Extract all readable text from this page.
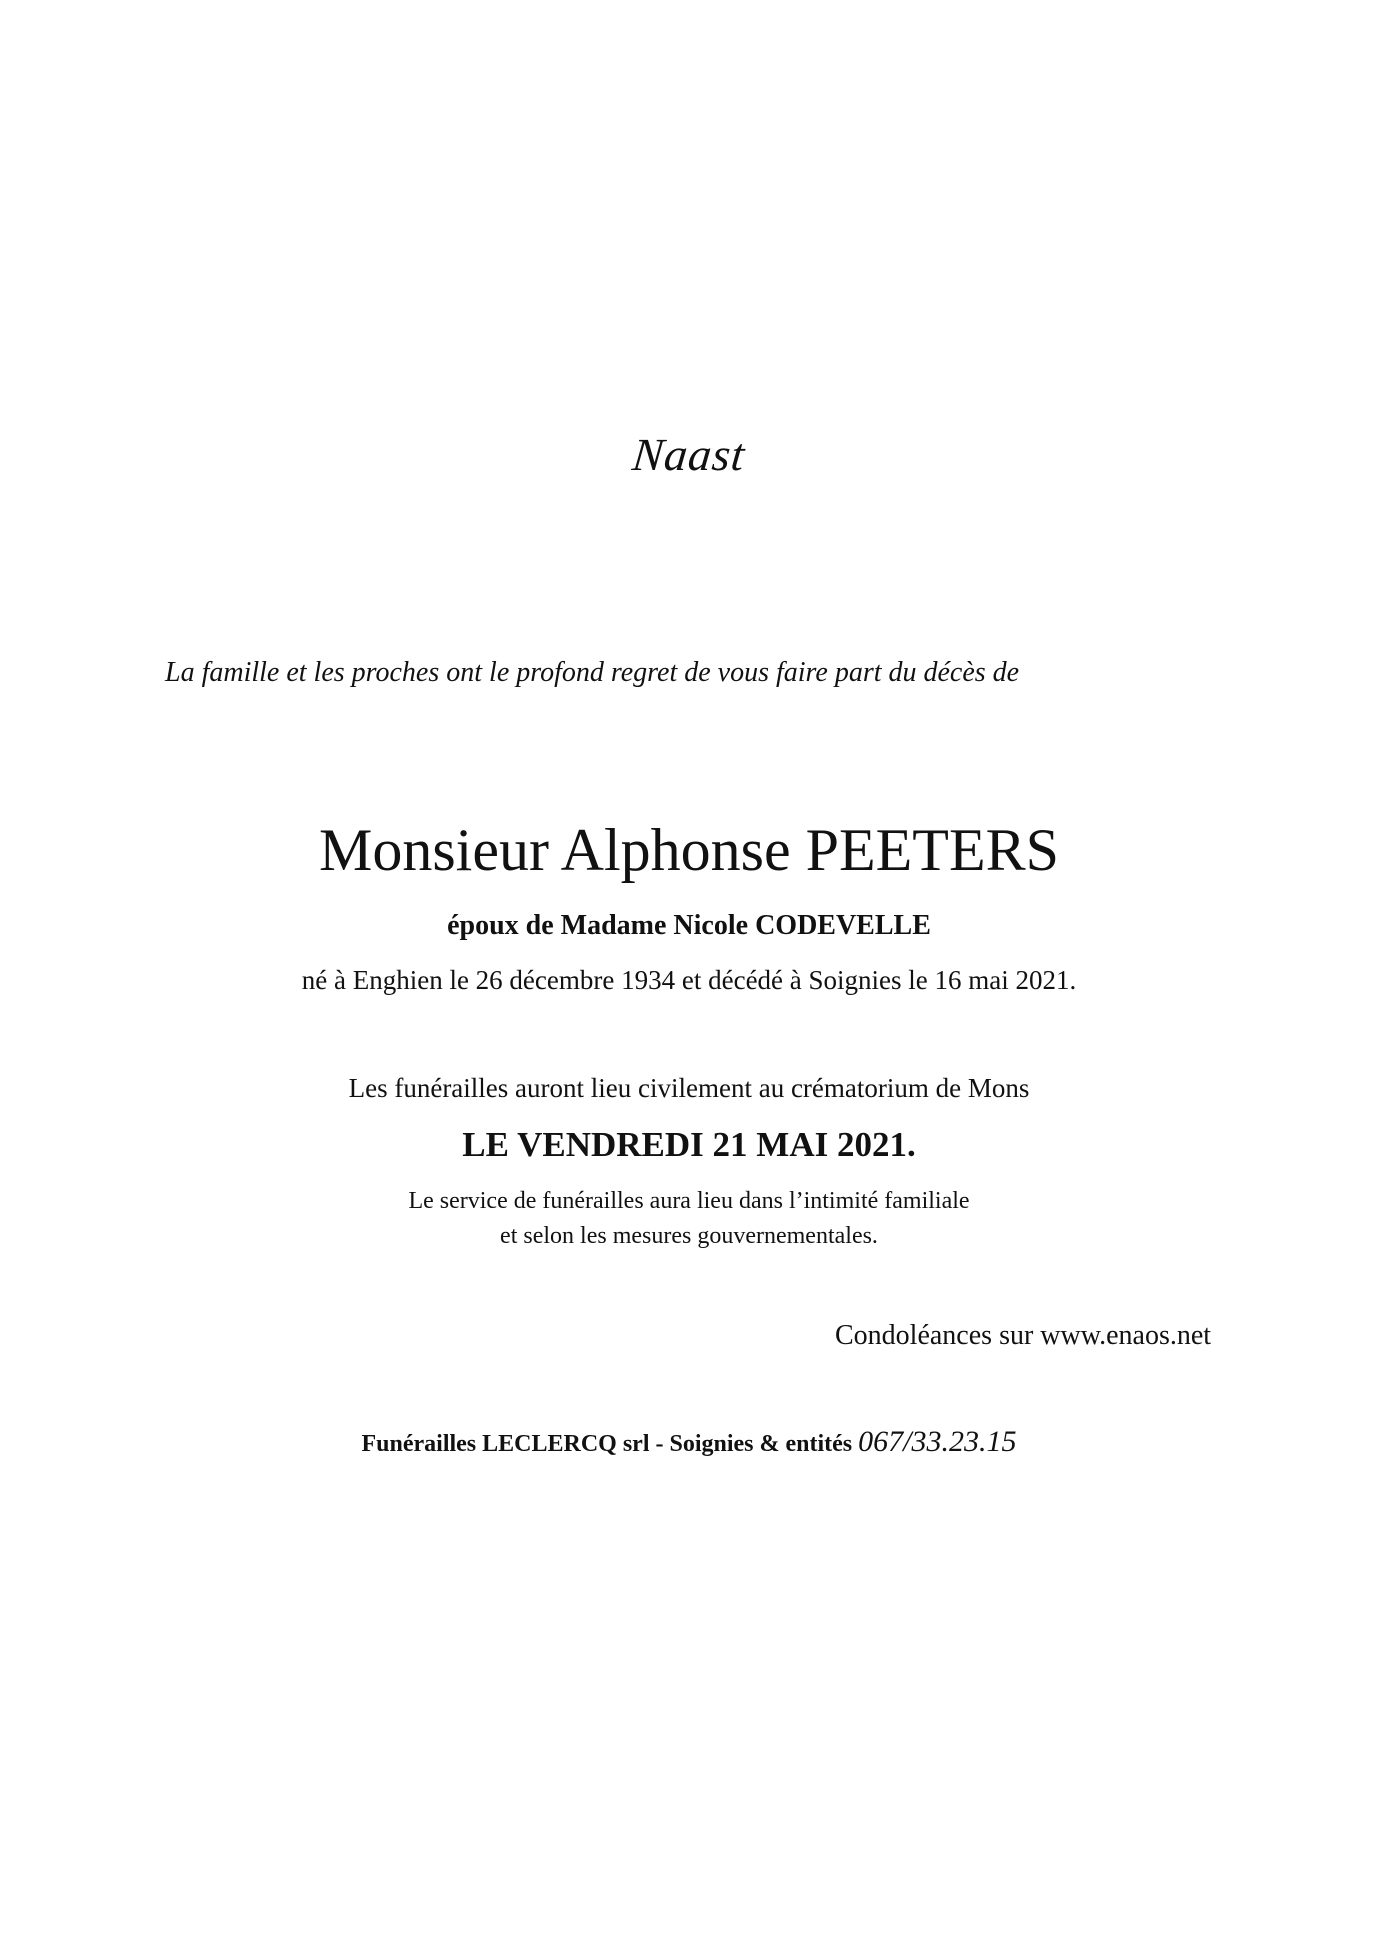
Naast

La famille et les proches ont le profond regret de vous faire part du décès de

Monsieur Alphonse PEETERS

époux de Madame Nicole CODEVELLE

né à Enghien le 26 décembre 1934 et décédé à Soignies le 16 mai 2021.

Les funérailles auront lieu civilement au crématorium de Mons

LE VENDREDI 21 MAI 2021.

Le service de funérailles aura lieu dans l’intimité familiale

et selon les mesures gouvernementales.

Condoléances sur www.enaos.net

Funérailles LECLERCQ srl - Soignies & entités 067/33.23.15
